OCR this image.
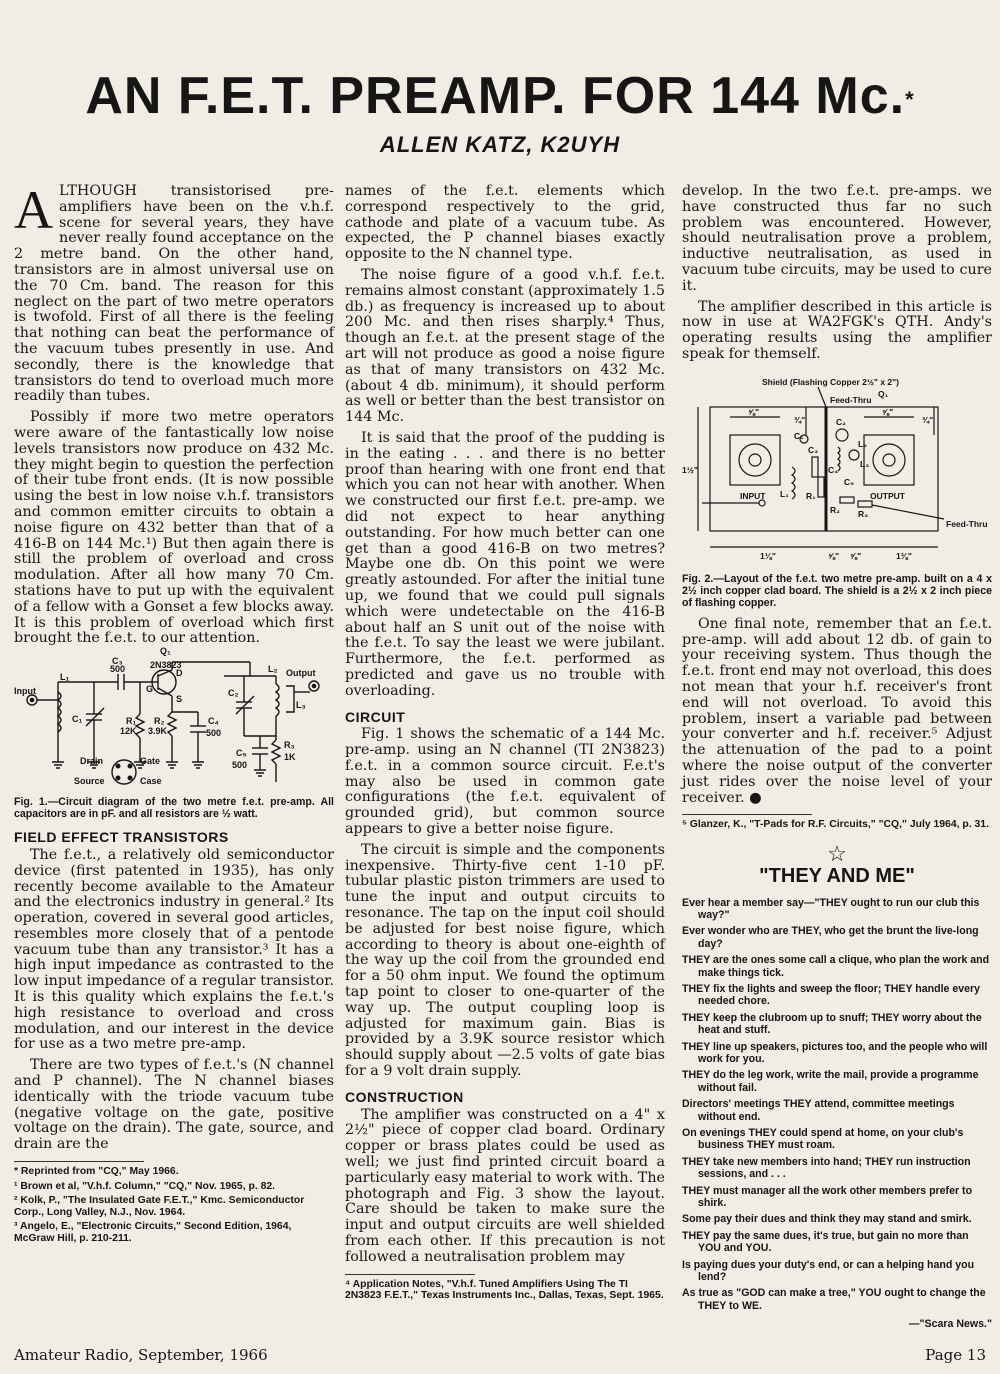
AN F.E.T. PREAMP. FOR 144 Mc.*
ALLEN KATZ, K2UYH

ALTHOUGH transistorised pre-amplifiers have been on the v.h.f. scene for several years, they have never really found acceptance on the 2 metre band. On the other hand, transistors are in almost universal use on the 70 Cm. band. The reason for this neglect on the part of two metre operators is twofold. First of all there is the feeling that nothing can beat the performance of the vacuum tubes presently in use. And secondly, there is the knowledge that transistors do tend to overload much more readily than tubes.

Possibly if more two metre operators were aware of the fantastically low noise levels transistors now produce on 432 Mc. they might begin to question the perfection of their tube front ends. (It is now possible using the best in low noise v.h.f. transistors and common emitter circuits to obtain a noise figure on 432 better than that of a 416-B on 144 Mc.¹) But then again there is still the problem of overload and cross modulation. After all how many 70 Cm. stations have to put up with the equivalent of a fellow with a Gonset a few blocks away. It is this problem of overload which first brought the f.e.t. to our attention.

Input
Output
L₁
C₁
C₃
500
Q₁
2N3823
G
D
S
R₁
12K
R₂
3.9K
C₄
500
L₂
C₂
L₃
C₅
500
R₃
1K
Drain	Gate
Source	Case
Fig. 1.—Circuit diagram of the two metre f.e.t. pre-amp. All capacitors are in pF. and all resistors are ½ watt.
FIELD EFFECT TRANSISTORS

The f.e.t., a relatively old semiconductor device (first patented in 1935), has only recently become available to the Amateur and the electronics industry in general.² Its operation, covered in several good articles, resembles more closely that of a pentode vacuum tube than any transistor.³ It has a high input impedance as contrasted to the low input impedance of a regular transistor. It is this quality which explains the f.e.t.'s high resistance to overload and cross modulation, and our interest in the device for use as a two metre pre-amp.

There are two types of f.e.t.'s (N channel and P channel). The N channel biases identically with the triode vacuum tube (negative voltage on the gate, positive voltage on the drain). The gate, source, and drain are the

* Reprinted from "CQ," May 1966.
¹ Brown et al, "V.h.f. Column," "CQ," Nov. 1965, p. 82.
² Kolk, P., "The Insulated Gate F.E.T.," Kmc. Semiconductor Corp., Long Valley, N.J., Nov. 1964.
³ Angelo, E., "Electronic Circuits," Second Edition, 1964, McGraw Hill, p. 210-211.

names of the f.e.t. elements which correspond respectively to the grid, cathode and plate of a vacuum tube. As expected, the P channel biases exactly opposite to the N channel type.

The noise figure of a good v.h.f. f.e.t. remains almost constant (approximately 1.5 db.) as frequency is increased up to about 200 Mc. and then rises sharply.⁴ Thus, though an f.e.t. at the present stage of the art will not produce as good a noise figure as that of many transistors on 432 Mc. (about 4 db. minimum), it should perform as well or better than the best transistor on 144 Mc.

It is said that the proof of the pudding is in the eating . . . and there is no better proof than hearing with one front end that which you can not hear with another. When we constructed our first f.e.t. pre-amp. we did not expect to hear anything outstanding. For how much better can one get than a good 416-B on two metres? Maybe one db. On this point we were greatly astounded. For after the initial tune up, we found that we could pull signals which were undetectable on the 416-B about half an S unit out of the noise with the f.e.t. To say the least we were jubilant. Furthermore, the f.e.t. performed as predicted and gave us no trouble with overloading.

CIRCUIT

Fig. 1 shows the schematic of a 144 Mc. pre-amp. using an N channel (TI 2N3823) f.e.t. in a common source circuit. F.e.t's may also be used in common gate configurations (the f.e.t. equivalent of grounded grid), but common source appears to give a better noise figure.

The circuit is simple and the components inexpensive. Thirty-five cent 1-10 pF. tubular plastic piston trimmers are used to tune the input and output circuits to resonance. The tap on the input coil should be adjusted for best noise figure, which according to theory is about one-eighth of the way up the coil from the grounded end for a 50 ohm input. We found the optimum tap point to closer to one-quarter of the way up. The output coupling loop is adjusted for maximum gain. Bias is provided by a 3.9K source resistor which should supply about —2.5 volts of gate bias for a 9 volt drain supply.

CONSTRUCTION

The amplifier was constructed on a 4" x 2½" piece of copper clad board. Ordinary copper or brass plates could be used as well; we just find printed circuit board a particularly easy material to work with. The photograph and Fig. 3 show the layout. Care should be taken to make sure the input and output circuits are well shielded from each other. If this precaution is not followed a neutralisation problem may

⁴ Application Notes, "V.h.f. Tuned Amplifiers Using The TI 2N3823 F.E.T.," Texas Instruments Inc., Dallas, Texas, Sept. 1965.

develop. In the two f.e.t. pre-amps. we have constructed thus far no such problem was encountered. However, should neutralisation prove a problem, inductive neutralisation, as used in vacuum tube circuits, may be used to cure it.

The amplifier described in this article is now in use at WA2FGK's QTH. Andy's operating results using the amplifier speak for themself.

Shield (Flashing Copper 2½" x 2")
Feed-Thru
Q₁
⅝"
¾"
⅝"
¾"
1½"
INPUT	OUTPUT
C₁
C₃
C₂
L₂
L₃
C₄
C₅
L₁ R₁
R₂ R₃
Feed-Thru
1⅛"	⅝" ⅝"	1⅜"
Fig. 2.—Layout of the f.e.t. two metre pre-amp. built on a 4 x 2½ inch copper clad board. The shield is a 2½ x 2 inch piece of flashing copper.

One final note, remember that an f.e.t. pre-amp. will add about 12 db. of gain to your receiving system. Thus though the f.e.t. front end may not overload, this does not mean that your h.f. receiver's front end will not overload. To avoid this problem, insert a variable pad between your converter and h.f. receiver.⁵ Adjust the attenuation of the pad to a point where the noise output of the converter just rides over the noise level of your receiver. ●

⁵ Glanzer, K., "T-Pads for R.F. Circuits," "CQ," July 1964, p. 31.
☆
"THEY AND ME"
Ever hear a member say—"THEY ought to run our club this way?"
Ever wonder who are THEY, who get the brunt the live-long day?
THEY are the ones some call a clique, who plan the work and make things tick.
THEY fix the lights and sweep the floor; THEY handle every needed chore.
THEY keep the clubroom up to snuff; THEY worry about the heat and stuff.
THEY line up speakers, pictures too, and the people who will work for you.
THEY do the leg work, write the mail, provide a programme without fail.
Directors' meetings THEY attend, committee meetings without end.
On evenings THEY could spend at home, on your club's business THEY must roam.
THEY take new members into hand; THEY run instruction sessions, and . . .
THEY must manager all the work other members prefer to shirk.
Some pay their dues and think they may stand and smirk.
THEY pay the same dues, it's true, but gain no more than YOU and YOU.
Is paying dues your duty's end, or can a helping hand you lend?
As true as "GOD can make a tree," YOU ought to change the THEY to WE.
—"Scara News."
Amateur Radio, September, 1966	Page 13
